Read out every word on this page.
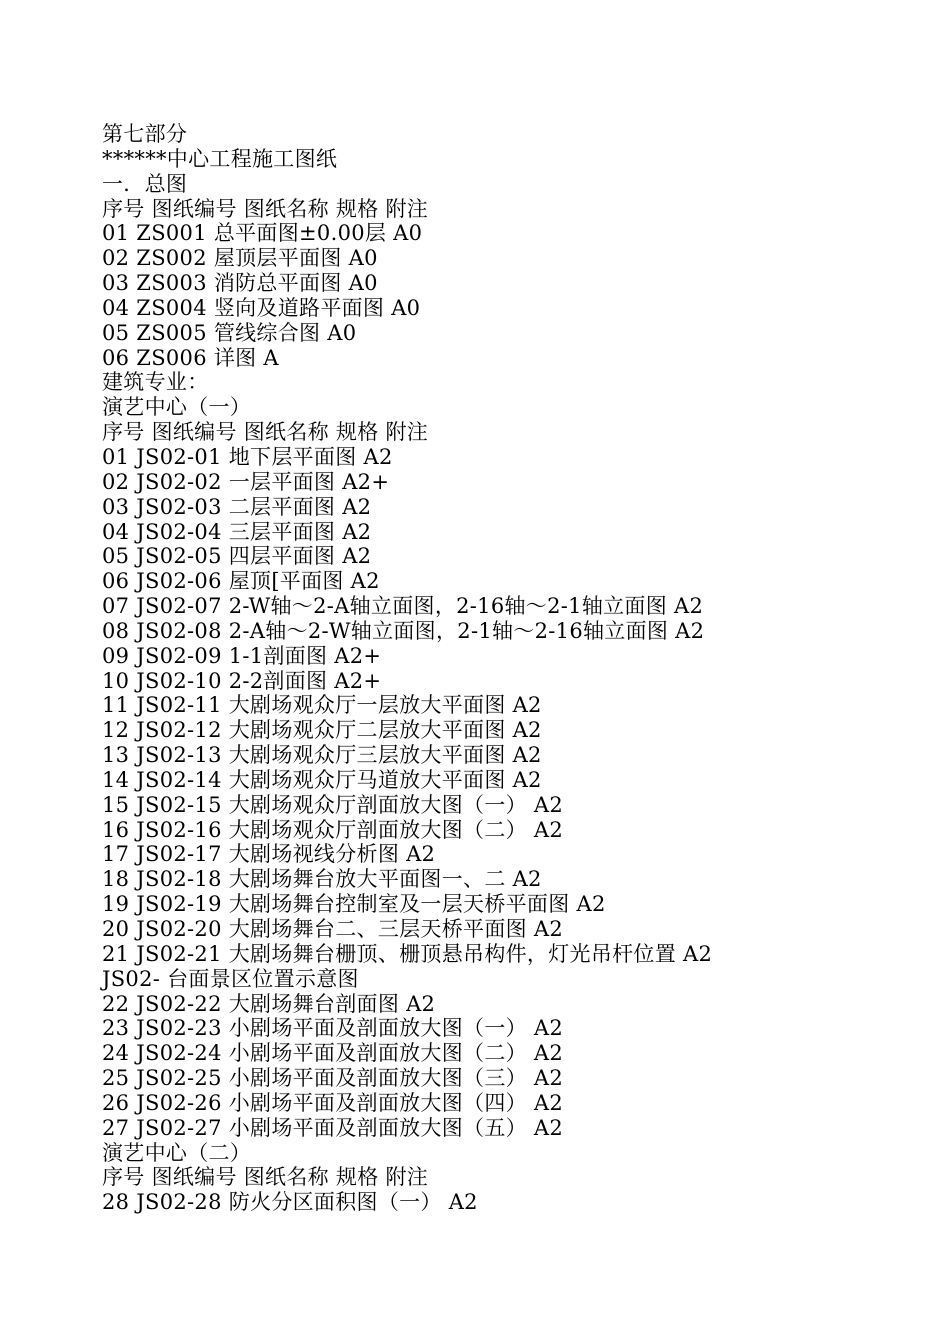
第七部分
******中心工程施工图纸
一．总图
序号 图纸编号 图纸名称 规格 附注
01 ZS001 总平面图±0.00层 A0
02 ZS002 屋顶层平面图 A0
03 ZS003 消防总平面图 A0
04 ZS004 竖向及道路平面图 A0
05 ZS005 管线综合图 A0
06 ZS006 详图 A
建筑专业：
演艺中心（一）
序号 图纸编号 图纸名称 规格 附注
01 JS02-01 地下层平面图 A2
02 JS02-02 一层平面图 A2+
03 JS02-03 二层平面图 A2
04 JS02-04 三层平面图 A2
05 JS02-05 四层平面图 A2
06 JS02-06 屋顶[平面图 A2
07 JS02-07 2-W轴～2-A轴立面图，2-16轴～2-1轴立面图 A2
08 JS02-08 2-A轴～2-W轴立面图，2-1轴～2-16轴立面图 A2
09 JS02-09 1-1剖面图 A2+
10 JS02-10 2-2剖面图 A2+
11 JS02-11 大剧场观众厅一层放大平面图 A2
12 JS02-12 大剧场观众厅二层放大平面图 A2
13 JS02-13 大剧场观众厅三层放大平面图 A2
14 JS02-14 大剧场观众厅马道放大平面图 A2
15 JS02-15 大剧场观众厅剖面放大图（一） A2
16 JS02-16 大剧场观众厅剖面放大图（二） A2
17 JS02-17 大剧场视线分析图 A2
18 JS02-18 大剧场舞台放大平面图一、二 A2
19 JS02-19 大剧场舞台控制室及一层天桥平面图 A2
20 JS02-20 大剧场舞台二、三层天桥平面图 A2
21 JS02-21 大剧场舞台栅顶、栅顶悬吊构件，灯光吊杆位置 A2
JS02- 台面景区位置示意图
22 JS02-22 大剧场舞台剖面图 A2
23 JS02-23 小剧场平面及剖面放大图（一） A2
24 JS02-24 小剧场平面及剖面放大图（二） A2
25 JS02-25 小剧场平面及剖面放大图（三） A2
26 JS02-26 小剧场平面及剖面放大图（四） A2
27 JS02-27 小剧场平面及剖面放大图（五） A2
演艺中心（二）
序号 图纸编号 图纸名称 规格 附注
28 JS02-28 防火分区面积图（一） A2
